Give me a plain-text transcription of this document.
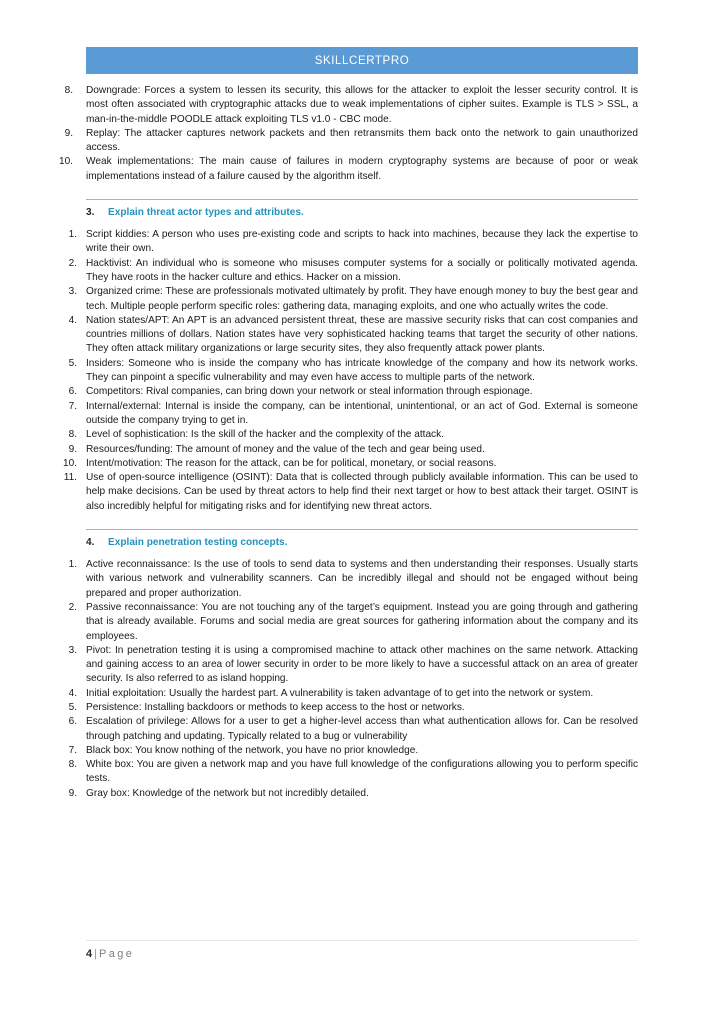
SKILLCERTPRO
8. Downgrade: Forces a system to lessen its security, this allows for the attacker to exploit the lesser security control. It is most often associated with cryptographic attacks due to weak implementations of cipher suites. Example is TLS > SSL, a man-in-the-middle POODLE attack exploiting TLS v1.0 - CBC mode.
9. Replay: The attacker captures network packets and then retransmits them back onto the network to gain unauthorized access.
10. Weak implementations: The main cause of failures in modern cryptography systems are because of poor or weak implementations instead of a failure caused by the algorithm itself.
3.	Explain threat actor types and attributes.
1. Script kiddies: A person who uses pre-existing code and scripts to hack into machines, because they lack the expertise to write their own.
2. Hacktivist: An individual who is someone who misuses computer systems for a socially or politically motivated agenda. They have roots in the hacker culture and ethics. Hacker on a mission.
3. Organized crime: These are professionals motivated ultimately by profit. They have enough money to buy the best gear and tech. Multiple people perform specific roles: gathering data, managing exploits, and one who actually writes the code.
4. Nation states/APT: An APT is an advanced persistent threat, these are massive security risks that can cost companies and countries millions of dollars. Nation states have very sophisticated hacking teams that target the security of other nations. They often attack military organizations or large security sites, they also frequently attack power plants.
5. Insiders: Someone who is inside the company who has intricate knowledge of the company and how its network works. They can pinpoint a specific vulnerability and may even have access to multiple parts of the network.
6. Competitors: Rival companies, can bring down your network or steal information through espionage.
7. Internal/external: Internal is inside the company, can be intentional, unintentional, or an act of God. External is someone outside the company trying to get in.
8. Level of sophistication: Is the skill of the hacker and the complexity of the attack.
9. Resources/funding: The amount of money and the value of the tech and gear being used.
10. Intent/motivation: The reason for the attack, can be for political, monetary, or social reasons.
11. Use of open-source intelligence (OSINT): Data that is collected through publicly available information. This can be used to help make decisions. Can be used by threat actors to help find their next target or how to best attack their target. OSINT is also incredibly helpful for mitigating risks and for identifying new threat actors.
4.	Explain penetration testing concepts.
1. Active reconnaissance: Is the use of tools to send data to systems and then understanding their responses. Usually starts with various network and vulnerability scanners. Can be incredibly illegal and should not be engaged without being prepared and proper authorization.
2. Passive reconnaissance: You are not touching any of the target’s equipment. Instead you are going through and gathering that is already available. Forums and social media are great sources for gathering information about the company and its employees.
3. Pivot: In penetration testing it is using a compromised machine to attack other machines on the same network. Attacking and gaining access to an area of lower security in order to be more likely to have a successful attack on an area of greater security. Is also referred to as island hopping.
4. Initial exploitation: Usually the hardest part. A vulnerability is taken advantage of to get into the network or system.
5. Persistence: Installing backdoors or methods to keep access to the host or networks.
6. Escalation of privilege: Allows for a user to get a higher-level access than what authentication allows for. Can be resolved through patching and updating. Typically related to a bug or vulnerability
7. Black box: You know nothing of the network, you have no prior knowledge.
8. White box: You are given a network map and you have full knowledge of the configurations allowing you to perform specific tests.
9. Gray box: Knowledge of the network but not incredibly detailed.
4 | Page
